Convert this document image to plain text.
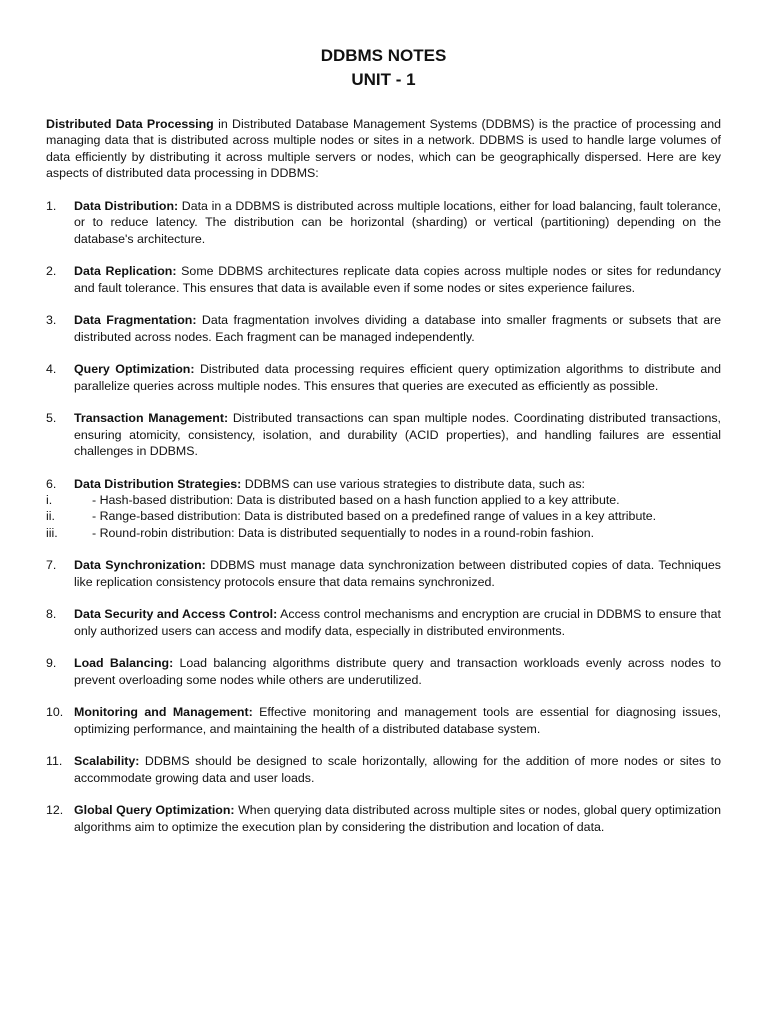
DDBMS NOTES
UNIT - 1

Distributed Data Processing in Distributed Database Management Systems (DDBMS) is the practice of processing and managing data that is distributed across multiple nodes or sites in a network. DDBMS is used to handle large volumes of data efficiently by distributing it across multiple servers or nodes, which can be geographically dispersed. Here are key aspects of distributed data processing in DDBMS:

1. Data Distribution: Data in a DDBMS is distributed across multiple locations, either for load balancing, fault tolerance, or to reduce latency. The distribution can be horizontal (sharding) or vertical (partitioning) depending on the database's architecture.
2. Data Replication: Some DDBMS architectures replicate data copies across multiple nodes or sites for redundancy and fault tolerance. This ensures that data is available even if some nodes or sites experience failures.
3. Data Fragmentation: Data fragmentation involves dividing a database into smaller fragments or subsets that are distributed across nodes. Each fragment can be managed independently.
4. Query Optimization: Distributed data processing requires efficient query optimization algorithms to distribute and parallelize queries across multiple nodes. This ensures that queries are executed as efficiently as possible.
5. Transaction Management: Distributed transactions can span multiple nodes. Coordinating distributed transactions, ensuring atomicity, consistency, isolation, and durability (ACID properties), and handling failures are essential challenges in DDBMS.
6. Data Distribution Strategies: DDBMS can use various strategies to distribute data, such as:
i.	- Hash-based distribution: Data is distributed based on a hash function applied to a key attribute.
ii.	- Range-based distribution: Data is distributed based on a predefined range of values in a key attribute.
iii.	- Round-robin distribution: Data is distributed sequentially to nodes in a round-robin fashion.
7. Data Synchronization: DDBMS must manage data synchronization between distributed copies of data. Techniques like replication consistency protocols ensure that data remains synchronized.
8. Data Security and Access Control: Access control mechanisms and encryption are crucial in DDBMS to ensure that only authorized users can access and modify data, especially in distributed environments.
9. Load Balancing: Load balancing algorithms distribute query and transaction workloads evenly across nodes to prevent overloading some nodes while others are underutilized.
10. Monitoring and Management: Effective monitoring and management tools are essential for diagnosing issues, optimizing performance, and maintaining the health of a distributed database system.
11. Scalability: DDBMS should be designed to scale horizontally, allowing for the addition of more nodes or sites to accommodate growing data and user loads.
12. Global Query Optimization: When querying data distributed across multiple sites or nodes, global query optimization algorithms aim to optimize the execution plan by considering the distribution and location of data.
